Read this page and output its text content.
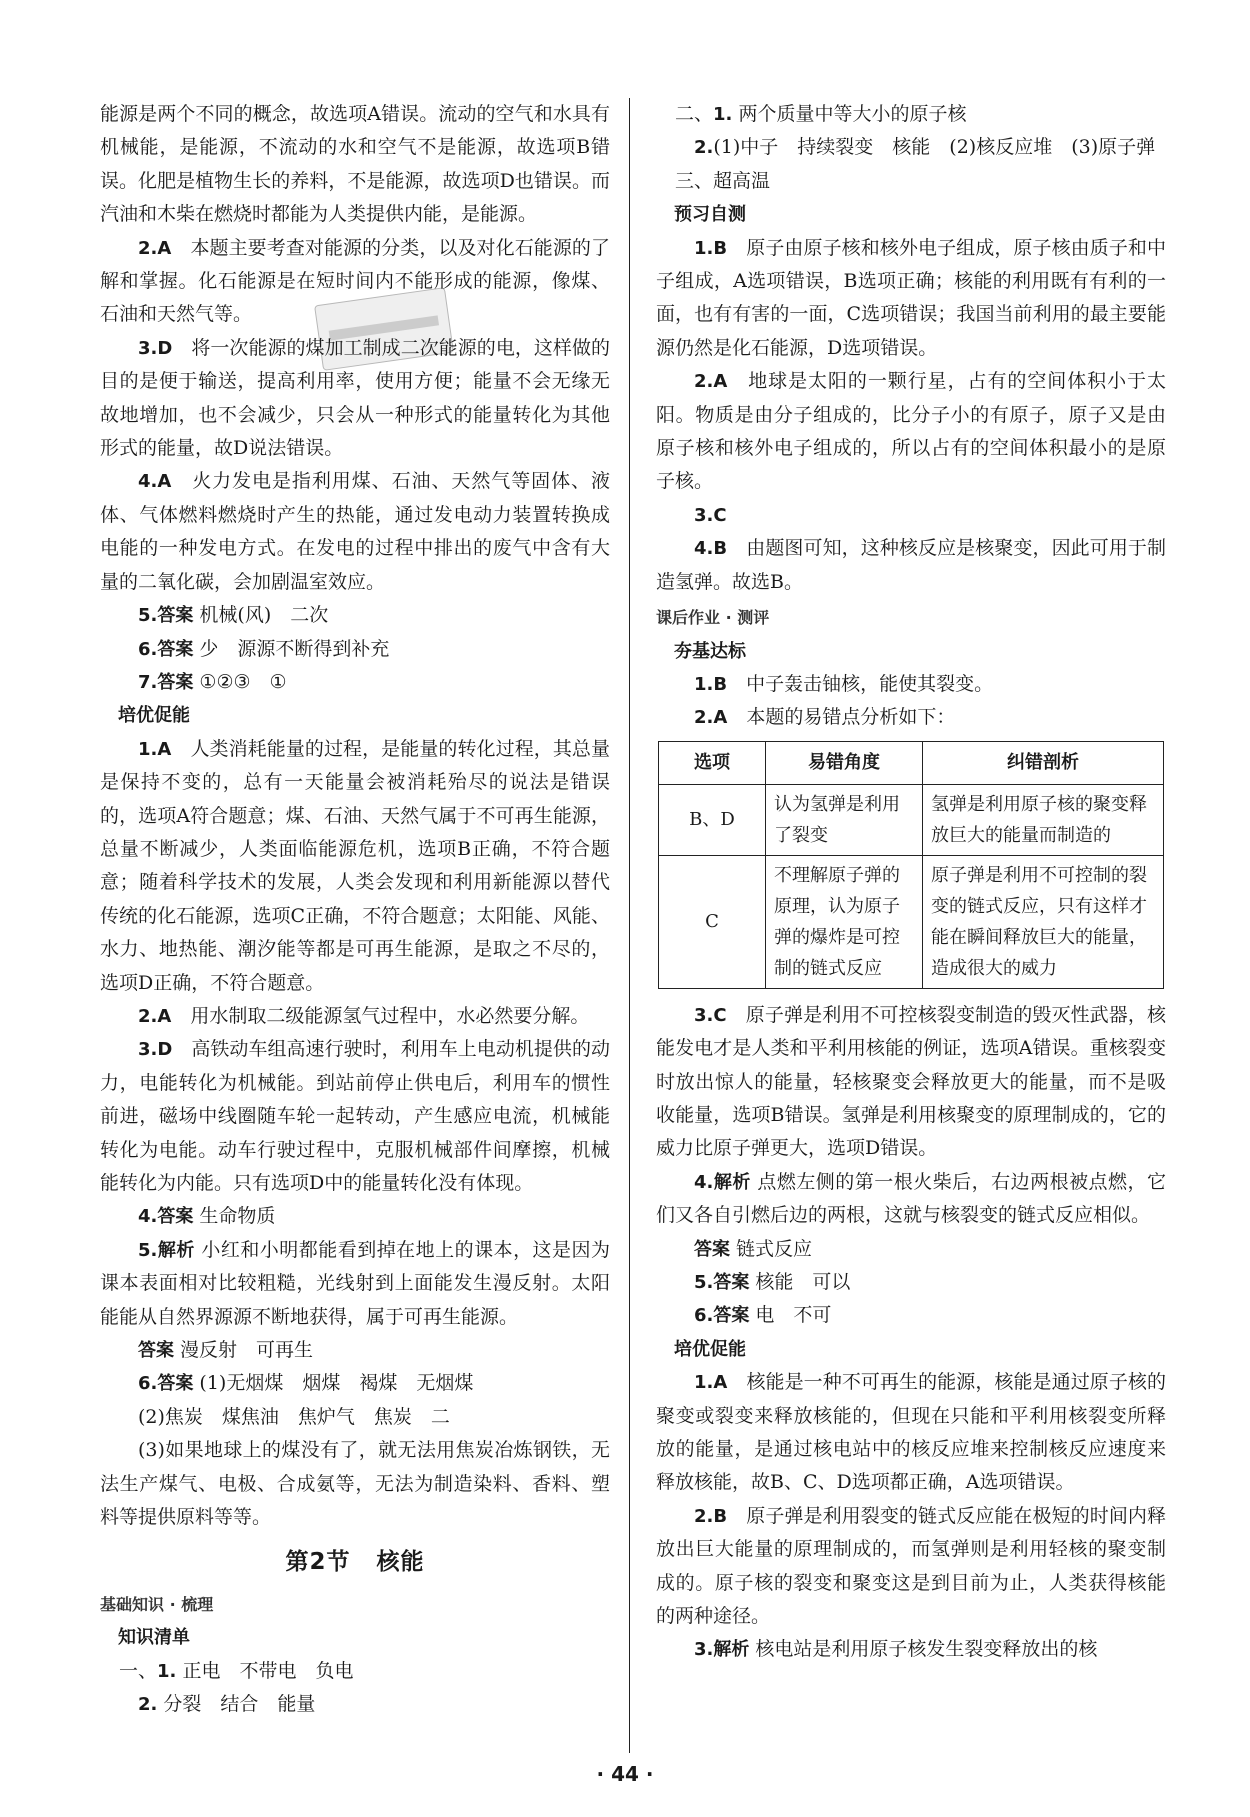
能源是两个不同的概念，故选项A错误。流动的空气和水具有机械能，是能源，不流动的水和空气不是能源，故选项B错误。化肥是植物生长的养料，不是能源，故选项D也错误。而汽油和木柴在燃烧时都能为人类提供内能，是能源。

2.A　 本题主要考查对能源的分类，以及对化石能源的了解和掌握。化石能源是在短时间内不能形成的能源，像煤、石油和天然气等。

3.D　 将一次能源的煤加工制成二次能源的电，这样做的目的是便于输送，提高利用率，使用方便；能量不会无缘无故地增加，也不会减少，只会从一种形式的能量转化为其他形式的能量，故D说法错误。

4.A　 火力发电是指利用煤、石油、天然气等固体、液体、气体燃料燃烧时产生的热能，通过发电动力装置转换成电能的一种发电方式。在发电的过程中排出的废气中含有大量的二氧化碳，会加剧温室效应。

5.答案 机械(风)　二次

6.答案 少　源源不断得到补充

7.答案 ①②③　①

培优促能

1.A　 人类消耗能量的过程，是能量的转化过程，其总量是保持不变的，总有一天能量会被消耗殆尽的说法是错误的，选项A符合题意；煤、石油、天然气属于不可再生能源，总量不断减少，人类面临能源危机，选项B正确，不符合题意；随着科学技术的发展，人类会发现和利用新能源以替代传统的化石能源，选项C正确，不符合题意；太阳能、风能、水力、地热能、潮汐能等都是可再生能源，是取之不尽的，选项D正确，不符合题意。

2.A　 用水制取二级能源氢气过程中，水必然要分解。

3.D　 高铁动车组高速行驶时，利用车上电动机提供的动力，电能转化为机械能。到站前停止供电后，利用车的惯性前进，磁场中线圈随车轮一起转动，产生感应电流，机械能转化为电能。动车行驶过程中，克服机械部件间摩擦，机械能转化为内能。只有选项D中的能量转化没有体现。

4.答案 生命物质

5.解析 小红和小明都能看到掉在地上的课本，这是因为课本表面相对比较粗糙，光线射到上面能发生漫反射。太阳能能从自然界源源不断地获得，属于可再生能源。

答案 漫反射　可再生

6.答案 (1)无烟煤　烟煤　褐煤　无烟煤

(2)焦炭　煤焦油　焦炉气　焦炭　二

(3)如果地球上的煤没有了，就无法用焦炭冶炼钢铁，无法生产煤气、电极、合成氨等，无法为制造染料、香料、塑料等提供原料等等。

第2节 核能

基础知识 · 梳理

知识清单

一、1. 正电　不带电　负电

2. 分裂　结合　能量

二、1. 两个质量中等大小的原子核

2.(1)中子　持续裂变　核能　(2)核反应堆　(3)原子弹

三、超高温

预习自测

1.B　 原子由原子核和核外电子组成，原子核由质子和中子组成，A选项错误，B选项正确；核能的利用既有有利的一面，也有有害的一面，C选项错误；我国当前利用的最主要能源仍然是化石能源，D选项错误。

2.A　 地球是太阳的一颗行星，占有的空间体积小于太阳。物质是由分子组成的，比分子小的有原子，原子又是由原子核和核外电子组成的，所以占有的空间体积最小的是原子核。

3.C

4.B　 由题图可知，这种核反应是核聚变，因此可用于制造氢弹。故选B。

课后作业 · 测评

夯基达标

1.B　 中子轰击铀核，能使其裂变。

2.A　 本题的易错点分析如下：

选项	易错角度	纠错剖析
B、D	认为氢弹是利用了裂变	氢弹是利用原子核的聚变释放巨大的能量而制造的
C	不理解原子弹的原理，认为原子弹的爆炸是可控制的链式反应	原子弹是利用不可控制的裂变的链式反应，只有这样才能在瞬间释放巨大的能量，造成很大的威力

3.C　 原子弹是利用不可控核裂变制造的毁灭性武器，核能发电才是人类和平利用核能的例证，选项A错误。重核裂变时放出惊人的能量，轻核聚变会释放更大的能量，而不是吸收能量，选项B错误。氢弹是利用核聚变的原理制成的，它的威力比原子弹更大，选项D错误。

4.解析 点燃左侧的第一根火柴后，右边两根被点燃，它们又各自引燃后边的两根，这就与核裂变的链式反应相似。

答案 链式反应

5.答案 核能　可以

6.答案 电　不可

培优促能

1.A　 核能是一种不可再生的能源，核能是通过原子核的聚变或裂变来释放核能的，但现在只能和平利用核裂变所释放的能量，是通过核电站中的核反应堆来控制核反应速度来释放核能，故B、C、D选项都正确，A选项错误。

2.B　 原子弹是利用裂变的链式反应能在极短的时间内释放出巨大能量的原理制成的，而氢弹则是利用轻核的聚变制成的。原子核的裂变和聚变这是到目前为止，人类获得核能的两种途径。

3.解析 核电站是利用原子核发生裂变释放出的核

· 44 ·
